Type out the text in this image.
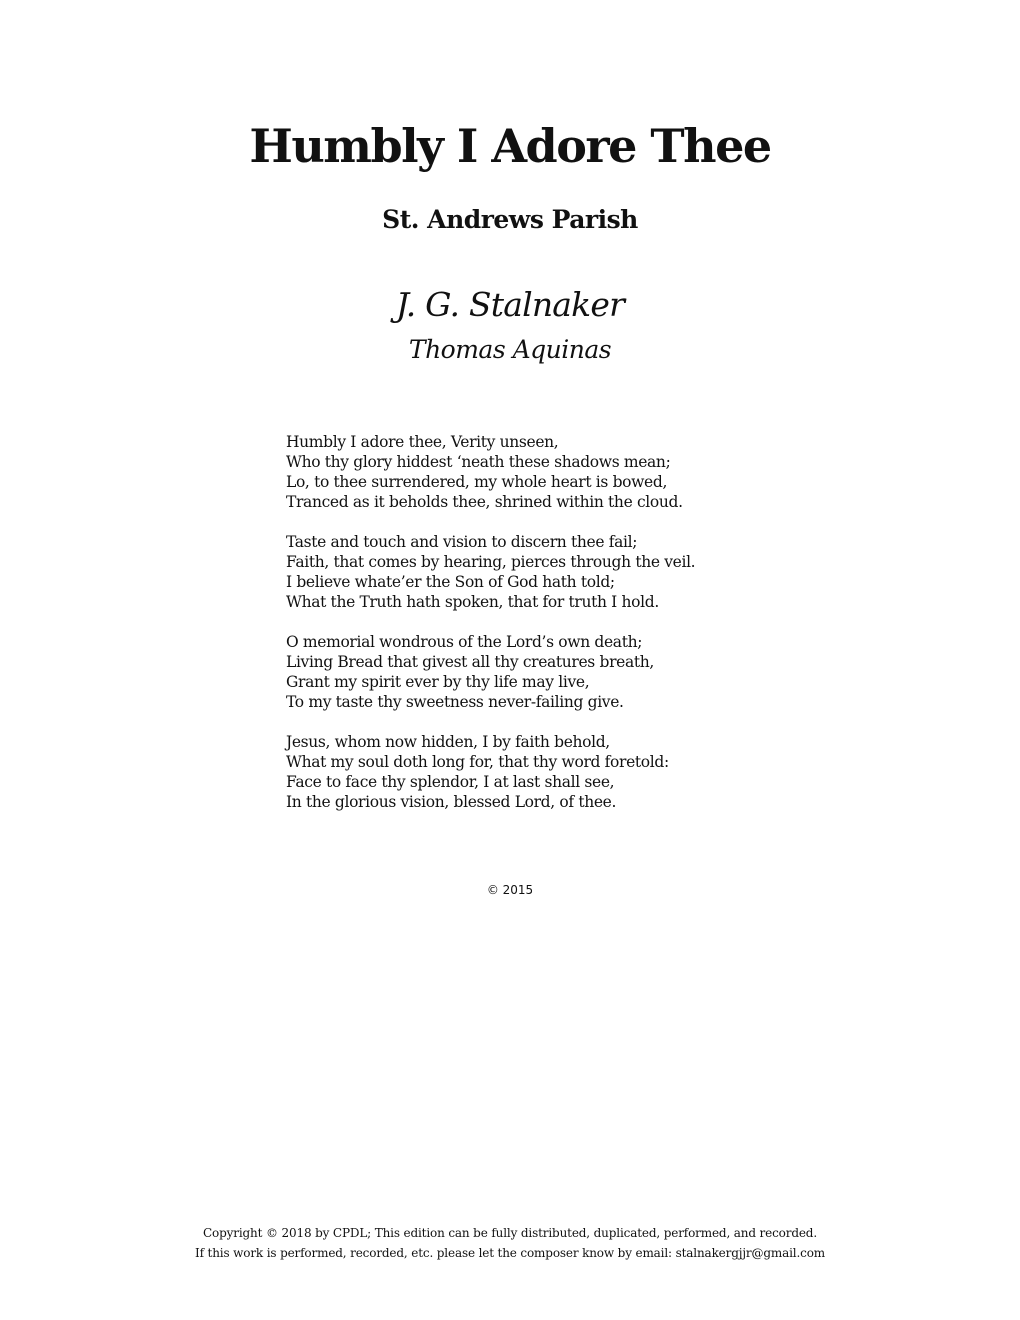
Humbly I Adore Thee
St. Andrews Parish
J. G. Stalnaker
Thomas Aquinas
Humbly I adore thee, Verity unseen,
Who thy glory hiddest ‘neath these shadows mean;
Lo, to thee surrendered, my whole heart is bowed,
Tranced as it beholds thee, shrined within the cloud.
Taste and touch and vision to discern thee fail;
Faith, that comes by hearing, pierces through the veil.
I believe whate’er the Son of God hath told;
What the Truth hath spoken, that for truth I hold.
O memorial wondrous of the Lord’s own death;
Living Bread that givest all thy creatures breath,
Grant my spirit ever by thy life may live,
To my taste thy sweetness never-failing give.
Jesus, whom now hidden, I by faith behold,
What my soul doth long for, that thy word foretold:
Face to face thy splendor, I at last shall see,
In the glorious vision, blessed Lord, of thee.
© 2015
Copyright © 2018 by CPDL; This edition can be fully distributed, duplicated, performed, and recorded.
If this work is performed, recorded, etc. please let the composer know by email: stalnakergjjr@gmail.com
